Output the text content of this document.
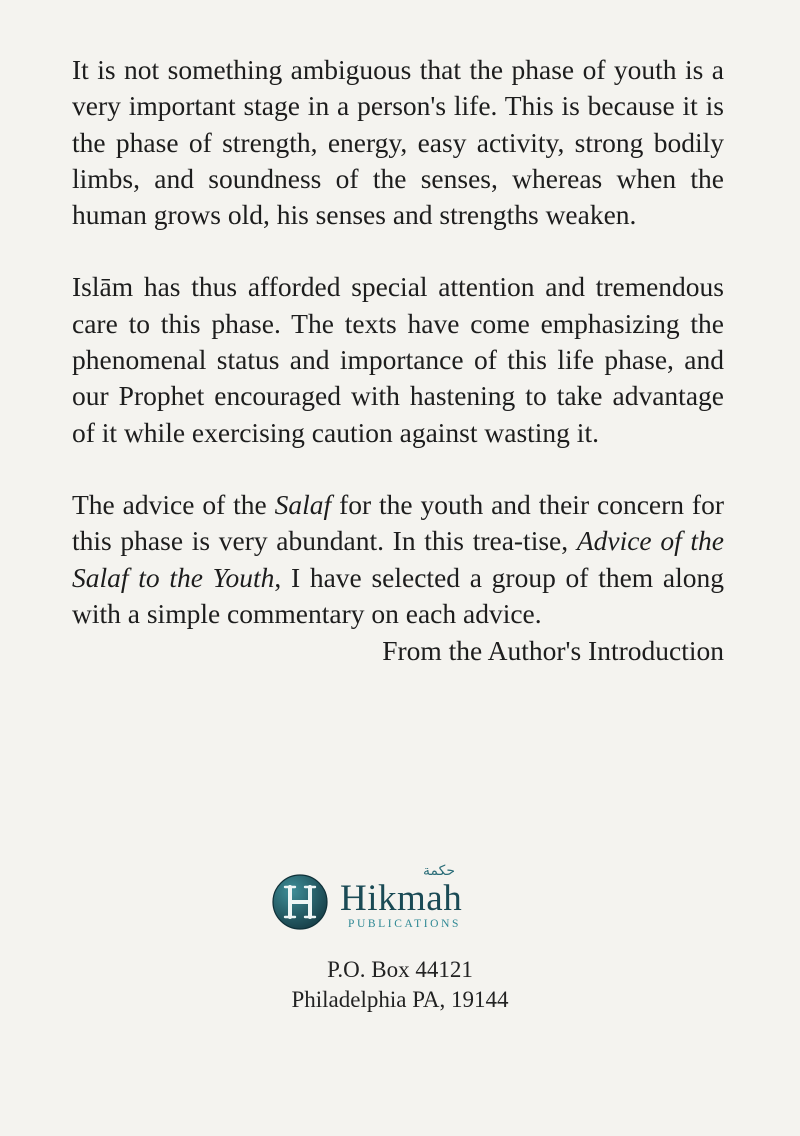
It is not something ambiguous that the phase of youth is a very important stage in a person's life. This is because it is the phase of strength, energy, easy activity, strong bodily limbs, and soundness of the senses, whereas when the human grows old, his senses and strengths weaken.

Islām has thus afforded special attention and tremendous care to this phase. The texts have come emphasizing the phenomenal status and importance of this life phase, and our Prophet encouraged with hastening to take advantage of it while exercising caution against wasting it.

The advice of the Salaf for the youth and their concern for this phase is very abundant. In this trea-tise, Advice of the Salaf to the Youth, I have selected a group of them along with a simple commentary on each advice.

From the Author's Introduction
حكمة
Hikmah
PUBLICATIONS
P.O. Box 44121
Philadelphia PA, 19144
